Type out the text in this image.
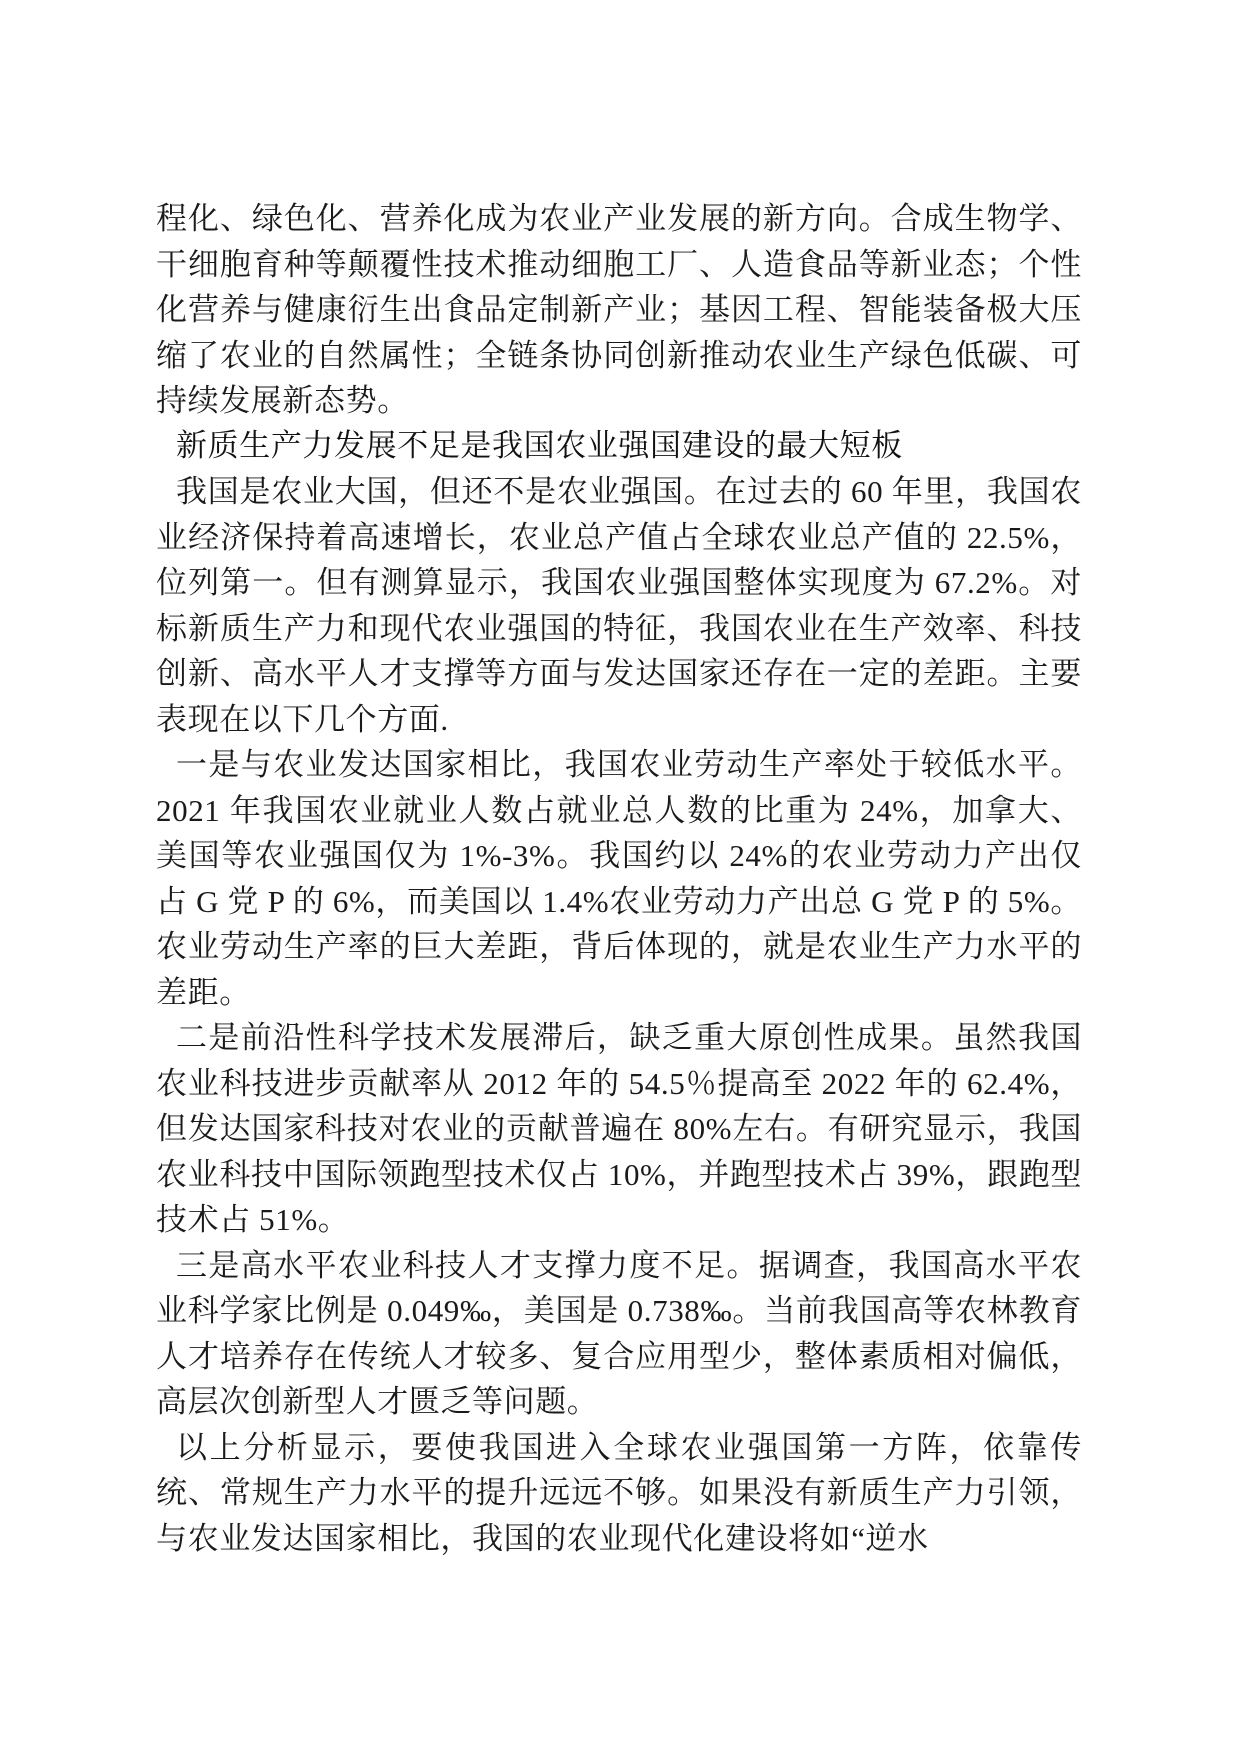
程化、绿色化、营养化成为农业产业发展的新方向。合成生物学、干细胞育种等颠覆性技术推动细胞工厂、人造食品等新业态；个性化营养与健康衍生出食品定制新产业；基因工程、智能装备极大压缩了农业的自然属性；全链条协同创新推动农业生产绿色低碳、可持续发展新态势。

新质生产力发展不足是我国农业强国建设的最大短板

我国是农业大国，但还不是农业强国。在过去的 60 年里，我国农业经济保持着高速增长，农业总产值占全球农业总产值的 22.5%，位列第一。但有测算显示，我国农业强国整体实现度为 67.2%。对标新质生产力和现代农业强国的特征，我国农业在生产效率、科技创新、高水平人才支撑等方面与发达国家还存在一定的差距。主要表现在以下几个方面.

一是与农业发达国家相比，我国农业劳动生产率处于较低水平。2021 年我国农业就业人数占就业总人数的比重为 24%，加拿大、美国等农业强国仅为 1%-3%。我国约以 24%的农业劳动力产出仅占 G 党 P 的 6%，而美国以 1.4%农业劳动力产出总 G 党 P 的 5%。农业劳动生产率的巨大差距，背后体现的，就是农业生产力水平的差距。

二是前沿性科学技术发展滞后，缺乏重大原创性成果。虽然我国农业科技进步贡献率从 2012 年的 54.5％提高至 2022 年的 62.4%，但发达国家科技对农业的贡献普遍在 80%左右。有研究显示，我国农业科技中国际领跑型技术仅占 10%，并跑型技术占 39%，跟跑型技术占 51%。

三是高水平农业科技人才支撑力度不足。据调查，我国高水平农业科学家比例是 0.049‰，美国是 0.738‰。当前我国高等农林教育人才培养存在传统人才较多、复合应用型少，整体素质相对偏低，高层次创新型人才匮乏等问题。

以上分析显示，要使我国进入全球农业强国第一方阵，依靠传统、常规生产力水平的提升远远不够。如果没有新质生产力引领，与农业发达国家相比，我国的农业现代化建设将如“逆水
